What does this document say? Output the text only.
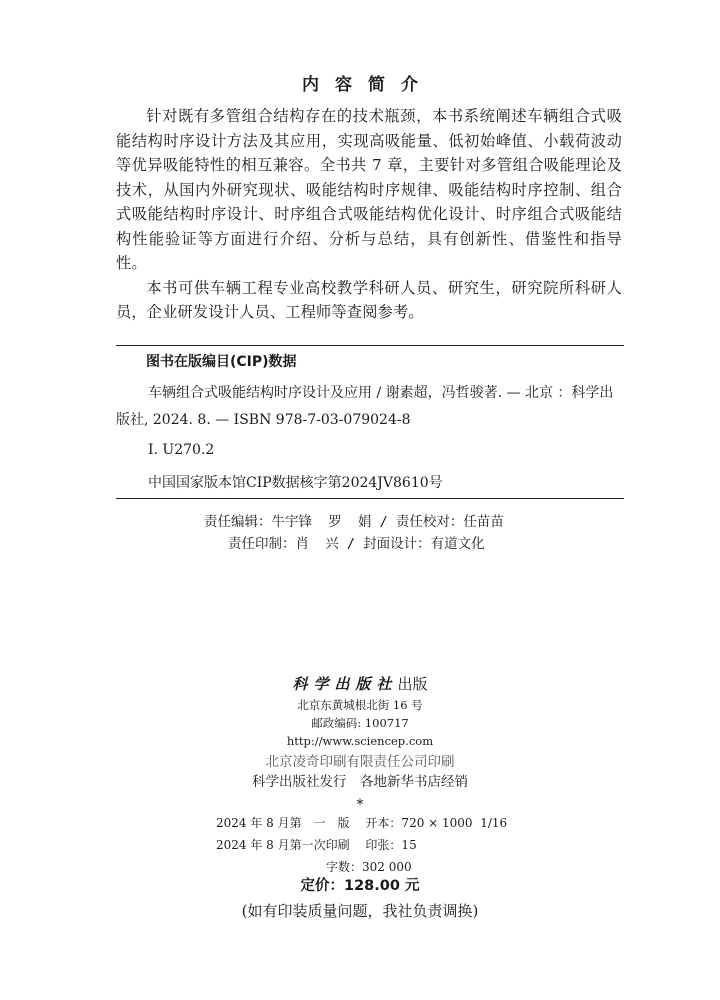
内容简介

针对既有多管组合结构存在的技术瓶颈，本书系统阐述车辆组合式吸能结构时序设计方法及其应用，实现高吸能量、低初始峰值、小载荷波动等优异吸能特性的相互兼容。全书共 7 章，主要针对多管组合吸能理论及技术，从国内外研究现状、吸能结构时序规律、吸能结构时序控制、组合式吸能结构时序设计、时序组合式吸能结构优化设计、时序组合式吸能结构性能验证等方面进行介绍、分析与总结，具有创新性、借鉴性和指导性。

本书可供车辆工程专业高校教学科研人员、研究生，研究院所科研人员，企业研发设计人员、工程师等查阅参考。

图书在版编目(CIP)数据
车辆组合式吸能结构时序设计及应用 / 谢素超，冯哲骏著. — 北京 ：科学出版社, 2024. 8. — ISBN 978-7-03-079024-8
Ⅰ. U270.2
中国国家版本馆CIP数据核字第2024JV8610号
责任编辑：牛宇锋  罗  娟 / 责任校对：任苗苗
责任印制：肖  兴 / 封面设计：有道文化
科学出版社出版
北京东黄城根北街 16 号
邮政编码: 100717
http://www.sciencep.com
北京凌奇印刷有限责任公司印刷
科学出版社发行　各地新华书店经销
*
2024 年 8 月第　一　版　 开本：720 × 1000  1/16
2024 年 8 月第一次印刷　 印张：15
字数：302 000
定价：128.00 元
(如有印装质量问题，我社负责调换)
